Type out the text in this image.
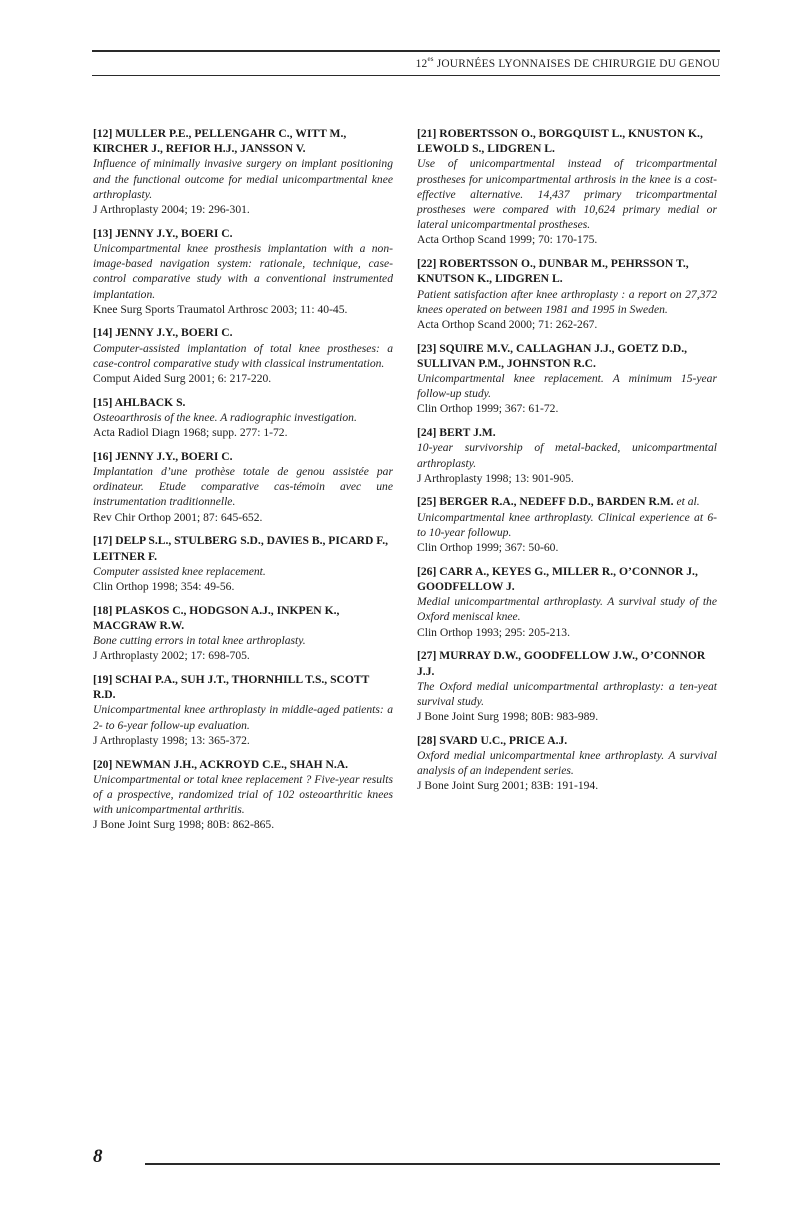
$12^{es}$ JOURNÉES LYONNAISES DE CHIRURGIE DU GENOU
[12] MULLER P.E., PELLENGAHR C., WITT M., KIRCHER J., REFIOR H.J., JANSSON V.
Influence of minimally invasive surgery on implant positioning and the functional outcome for medial unicompartmental knee arthroplasty.
J Arthroplasty 2004; 19: 296-301.
[13] JENNY J.Y., BOERI C.
Unicompartmental knee prosthesis implantation with a non-image-based navigation system: rationale, technique, case-control comparative study with a conventional instrumented implantation.
Knee Surg Sports Traumatol Arthrosc 2003; 11: 40-45.
[14] JENNY J.Y., BOERI C.
Computer-assisted implantation of total knee prostheses: a case-control comparative study with classical instrumentation.
Comput Aided Surg 2001; 6: 217-220.
[15] AHLBACK S.
Osteoarthrosis of the knee. A radiographic investigation.
Acta Radiol Diagn 1968; supp. 277: 1-72.
[16] JENNY J.Y., BOERI C.
Implantation d’une prothèse totale de genou assistée par ordinateur. Etude comparative cas-témoin avec une instrumentation traditionnelle.
Rev Chir Orthop 2001; 87: 645-652.
[17] DELP S.L., STULBERG S.D., DAVIES B., PICARD F., LEITNER F.
Computer assisted knee replacement.
Clin Orthop 1998; 354: 49-56.
[18] PLASKOS C., HODGSON A.J., INKPEN K., MACGRAW R.W.
Bone cutting errors in total knee arthroplasty.
J Arthroplasty 2002; 17: 698-705.
[19] SCHAI P.A., SUH J.T., THORNHILL T.S., SCOTT R.D.
Unicompartmental knee arthroplasty in middle-aged patients: a 2- to 6-year follow-up evaluation.
J Arthroplasty 1998; 13: 365-372.
[20] NEWMAN J.H., ACKROYD C.E., SHAH N.A.
Unicompartmental or total knee replacement ? Five-year results of a prospective, randomized trial of 102 osteoarthritic knees with unicompartmental arthritis.
J Bone Joint Surg 1998; 80B: 862-865.
[21] ROBERTSSON O., BORGQUIST L., KNUSTON K., LEWOLD S., LIDGREN L.
Use of unicompartmental instead of tricompartmental prostheses for unicompartmental arthrosis in the knee is a cost-effective alternative. 14,437 primary tricompartmental prostheses were compared with 10,624 primary medial or lateral unicompartmental prostheses.
Acta Orthop Scand 1999; 70: 170-175.
[22] ROBERTSSON O., DUNBAR M., PEHRSSON T., KNUTSON K., LIDGREN L.
Patient satisfaction after knee arthroplasty : a report on 27,372 knees operated on between 1981 and 1995 in Sweden.
Acta Orthop Scand 2000; 71: 262-267.
[23] SQUIRE M.V., CALLAGHAN J.J., GOETZ D.D., SULLIVAN P.M., JOHNSTON R.C.
Unicompartmental knee replacement. A minimum 15-year follow-up study.
Clin Orthop 1999; 367: 61-72.
[24] BERT J.M.
10-year survivorship of metal-backed, unicompartmental arthroplasty.
J Arthroplasty 1998; 13: 901-905.
[25] BERGER R.A., NEDEFF D.D., BARDEN R.M. et al.
Unicompartmental knee arthroplasty. Clinical experience at 6- to 10-year followup.
Clin Orthop 1999; 367: 50-60.
[26] CARR A., KEYES G., MILLER R., O’CONNOR J., GOODFELLOW J.
Medial unicompartmental arthroplasty. A survival study of the Oxford meniscal knee.
Clin Orthop 1993; 295: 205-213.
[27] MURRAY D.W., GOODFELLOW J.W., O’CONNOR J.J.
The Oxford medial unicompartmental arthroplasty: a ten-yeat survival study.
J Bone Joint Surg 1998; 80B: 983-989.
[28] SVARD U.C., PRICE A.J.
Oxford medial unicompartmental knee arthroplasty. A survival analysis of an independent series.
J Bone Joint Surg 2001; 83B: 191-194.
8
